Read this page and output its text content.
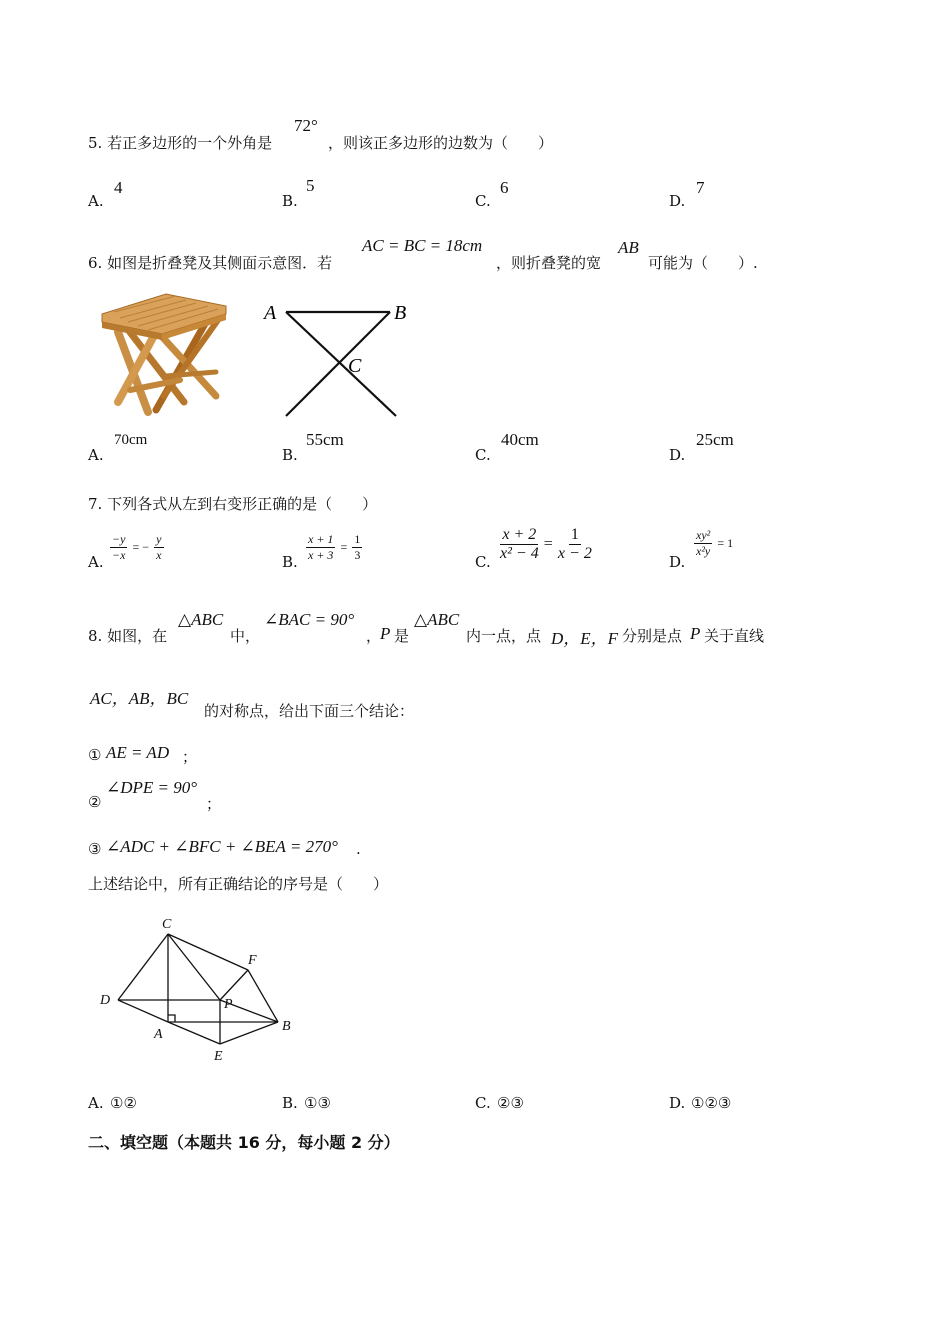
5. 若正多边形的一个外角是
72°
，则该正多边形的边数为（　　）
A.
4
B.
5
C.
6
D.
7
6. 如图是折叠凳及其侧面示意图．若
AC = BC = 18cm
，则折叠凳的宽
AB
可能为（　　）.
A	B
C
A.
70cm
B.
55cm
C.
40cm
D.
25cm
7. 下列各式从左到右变形正确的是（　　）
A. $\frac{-y}{-x}$ = − $\frac{y}{x}$	B. $\frac{x + 1}{x + 3} = \frac{1}{3}$	C. $\frac{x + 2}{\text{x² − 4}} = \frac{1}{x - 2}$	D.
$\frac{\text{xy²}}{\text{x²y}} = 1$
8. 如图，在
△ABC
中，
∠BAC = 90°
，
P 是
△ABC
内一点，点 D，E，F 分别是点 P 关于直线
AC，AB，BC
的对称点，给出下面三个结论：
① AE = AD ；
②
∠DPE = 90°
；
③ ∠ADC + ∠BFC + ∠BEA = 270° .
上述结论中，所有正确结论的序号是（　　）
C
F
D	P
A
B
E
A. ①②	B. ①③	C. ②③	D. ①②③
二、填空题（本题共 16 分，每小题 2 分）
